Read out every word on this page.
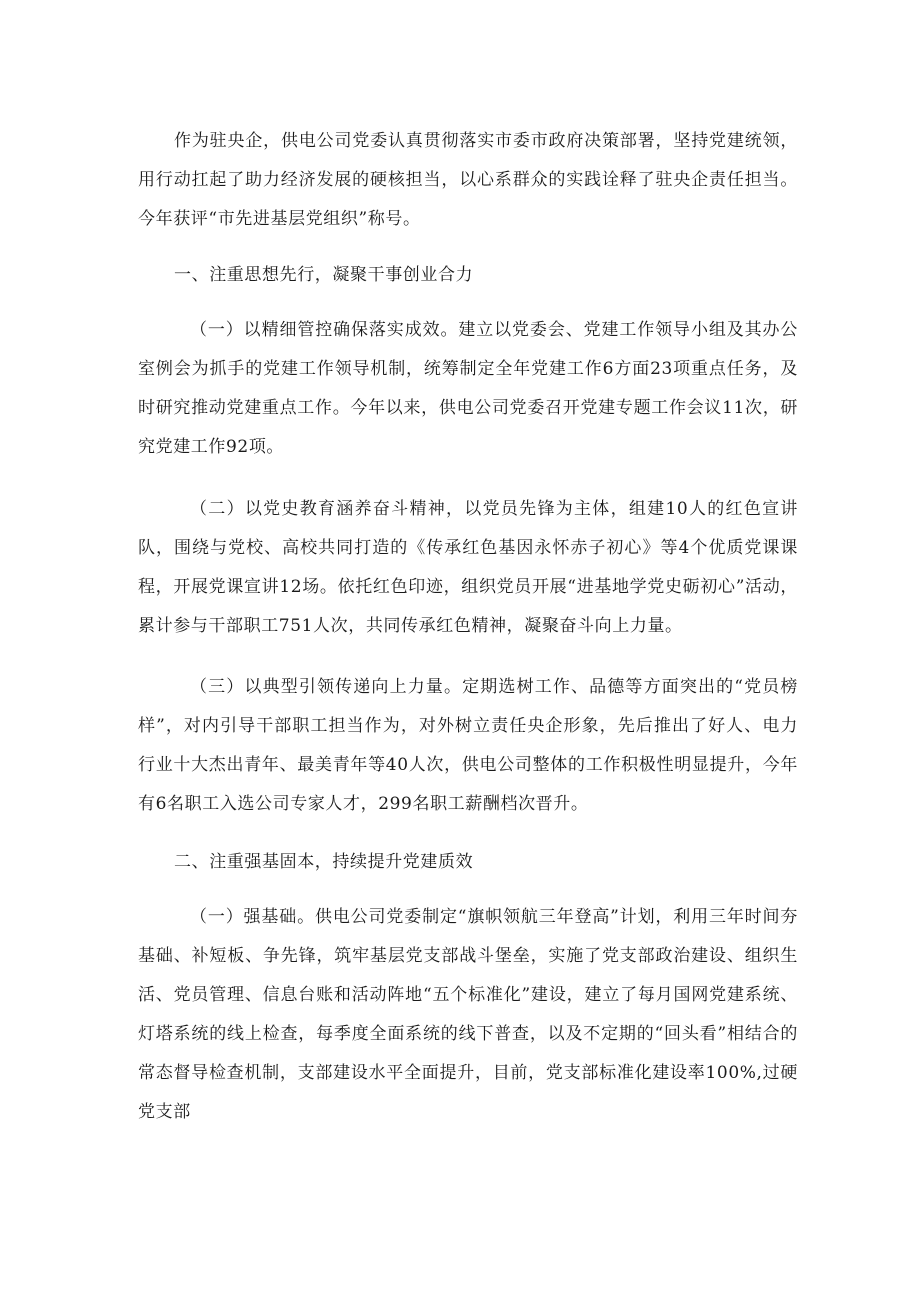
作为驻央企，供电公司党委认真贯彻落实市委市政府决策部署，坚持党建统领，用行动扛起了助力经济发展的硬核担当，以心系群众的实践诠释了驻央企责任担当。今年获评“市先进基层党组织”称号。

一、注重思想先行，凝聚干事创业合力

（一）以精细管控确保落实成效。建立以党委会、党建工作领导小组及其办公室例会为抓手的党建工作领导机制，统筹制定全年党建工作6方面23项重点任务，及时研究推动党建重点工作。今年以来，供电公司党委召开党建专题工作会议11次，研究党建工作92项。

（二）以党史教育涵养奋斗精神，以党员先锋为主体，组建10人的红色宣讲队，围绕与党校、高校共同打造的《传承红色基因永怀赤子初心》等4个优质党课课程，开展党课宣讲12场。依托红色印迹，组织党员开展“进基地学党史砺初心”活动，累计参与干部职工751人次，共同传承红色精神，凝聚奋斗向上力量。

（三）以典型引领传递向上力量。定期选树工作、品德等方面突出的“党员榜样”，对内引导干部职工担当作为，对外树立责任央企形象，先后推出了好人、电力行业十大杰出青年、最美青年等40人次，供电公司整体的工作积极性明显提升，今年有6名职工入选公司专家人才，299名职工薪酬档次晋升。

二、注重强基固本，持续提升党建质效

（一）强基础。供电公司党委制定“旗帜领航三年登高”计划，利用三年时间夯基础、补短板、争先锋，筑牢基层党支部战斗堡垒，实施了党支部政治建设、组织生活、党员管理、信息台账和活动阵地“五个标准化”建设，建立了每月国网党建系统、灯塔系统的线上检查，每季度全面系统的线下普查，以及不定期的“回头看”相结合的常态督导检查机制，支部建设水平全面提升，目前，党支部标准化建设率100%,过硬党支部
